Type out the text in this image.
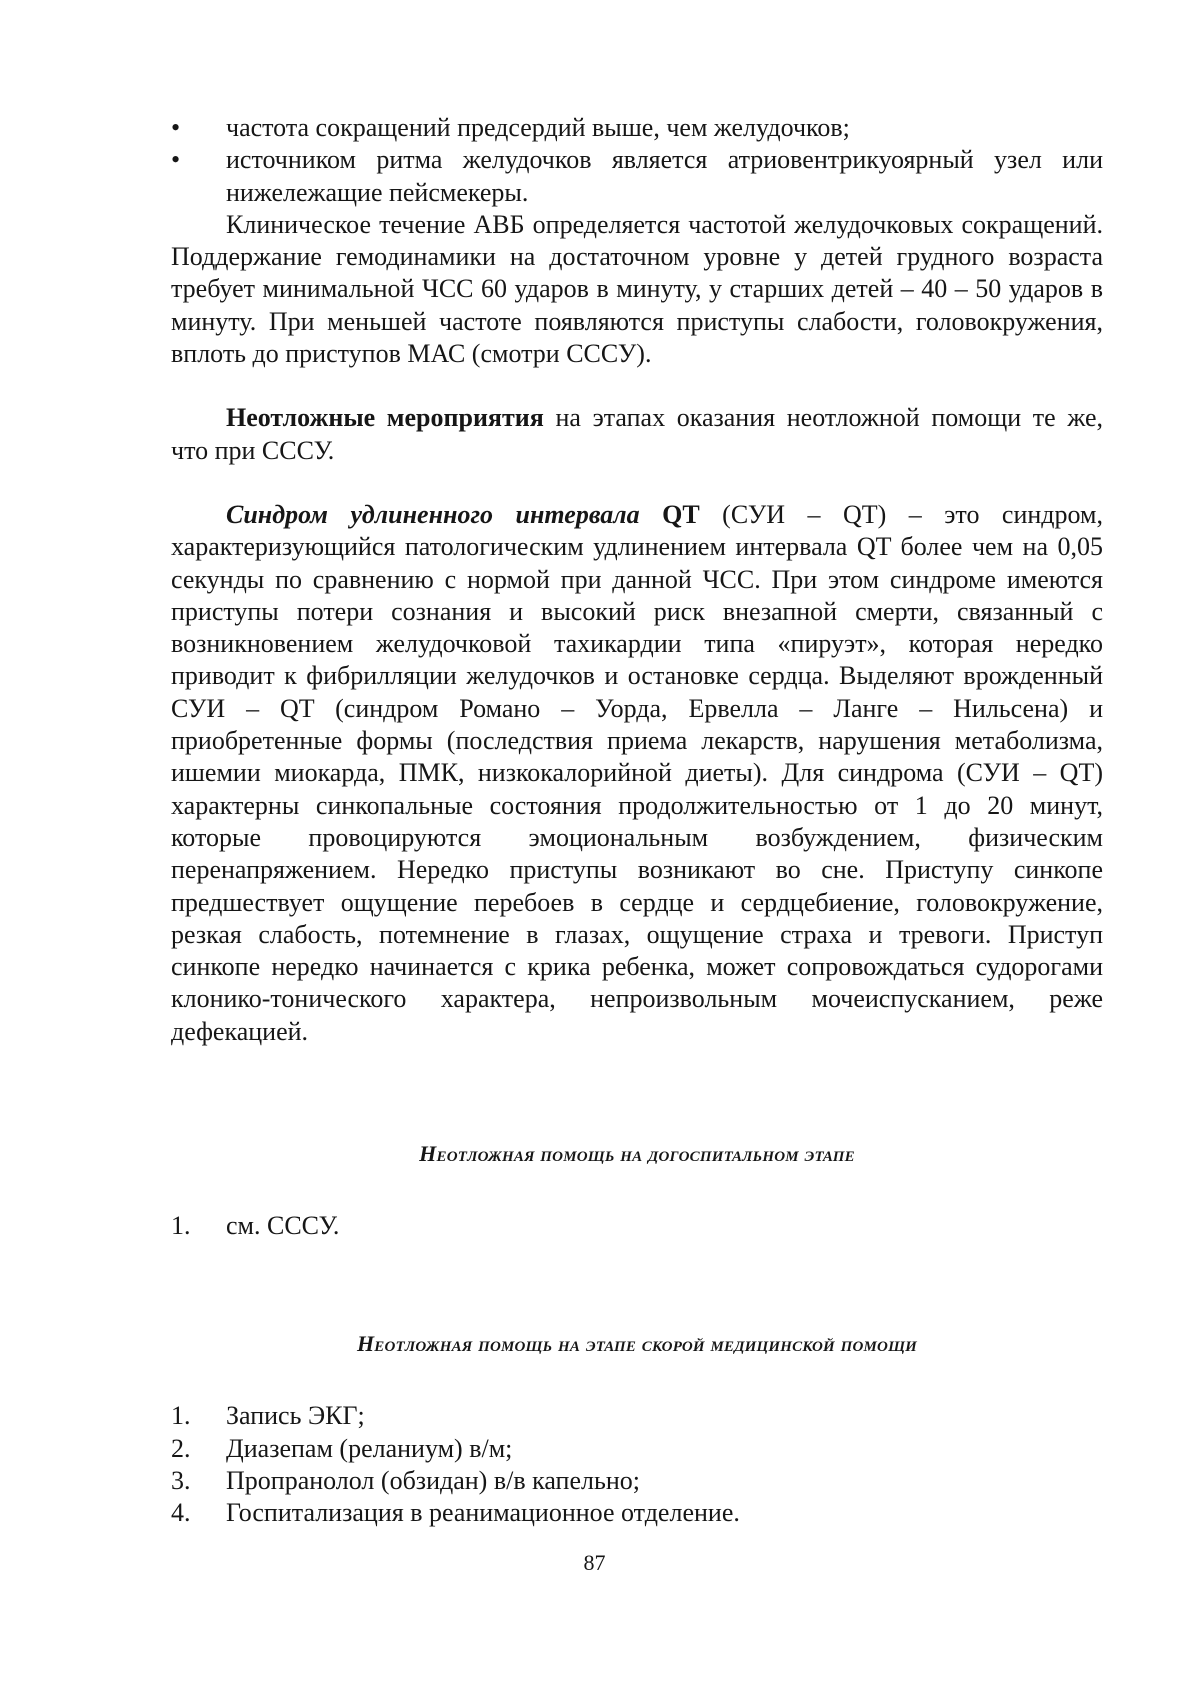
•	частота сокращений предсердий выше, чем желудочков;
•	источником ритма желудочков является атриовентрикуоярный узел или нижележащие пейсмекеры.

Клиническое течение АВБ определяется частотой желудочковых сокращений. Поддержание гемодинамики на достаточном уровне у детей грудного возраста требует минимальной ЧСС 60 ударов в минуту, у старших детей – 40 – 50 ударов в минуту. При меньшей частоте появляются приступы слабости, головокружения, вплоть до приступов МАС (смотри СССУ).

Неотложные мероприятия на этапах оказания неотложной помощи те же, что при СССУ.

Синдром удлиненного интервала QT (СУИ – QT) – это синдром, характеризующийся патологическим удлинением интервала QT более чем на 0,05 секунды по сравнению с нормой при данной ЧСС. При этом синдроме имеются приступы потери сознания и высокий риск внезапной смерти, связанный с возникновением желудочковой тахикардии типа «пируэт», которая нередко приводит к фибрилляции желудочков и остановке сердца. Выделяют врожденный СУИ – QT (синдром Романо – Уорда, Ервелла – Ланге – Нильсена) и приобретенные формы (последствия приема лекарств, нарушения метаболизма, ишемии миокарда, ПМК, низкокалорийной диеты). Для синдрома (СУИ – QT) характерны синкопальные состояния продолжительностью от 1 до 20 минут, которые провоцируются эмоциональным возбуждением, физическим перенапряжением. Нередко приступы возникают во сне. Приступу синкопе предшествует ощущение перебоев в сердце и сердцебиение, головокружение, резкая слабость, потемнение в глазах, ощущение страха и тревоги. Приступ синкопе нередко начинается с крика ребенка, может сопровождаться судорогами клонико-тонического характера, непроизвольным мочеиспусканием, реже дефекацией.

Неотложная помощь на догоспитальном этапе
1.	см. СССУ.
Неотложная помощь на этапе скорой медицинской помощи
1.	Запись ЭКГ;
2.	Диазепам (реланиум) в/м;
3.	Пропранолол (обзидан) в/в капельно;
4.	Госпитализация в реанимационное отделение.
87
